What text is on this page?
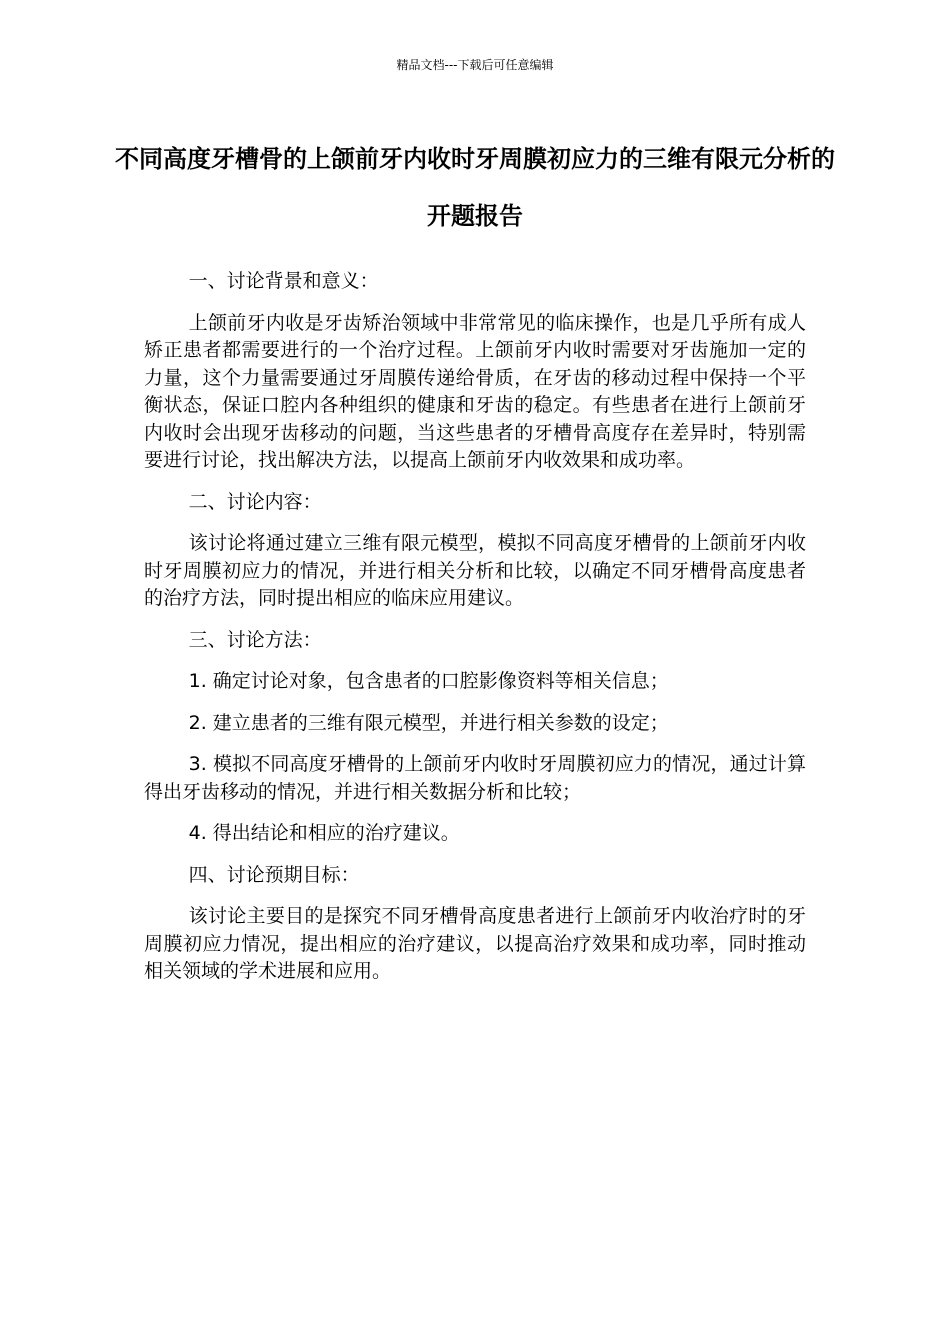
精品文档---下载后可任意编辑
不同高度牙槽骨的上颌前牙内收时牙周膜初应力的三维有限元分析的开题报告

一、讨论背景和意义：

上颌前牙内收是牙齿矫治领域中非常常见的临床操作，也是几乎所有成人矫正患者都需要进行的一个治疗过程。上颌前牙内收时需要对牙齿施加一定的力量，这个力量需要通过牙周膜传递给骨质，在牙齿的移动过程中保持一个平衡状态，保证口腔内各种组织的健康和牙齿的稳定。有些患者在进行上颌前牙内收时会出现牙齿移动的问题，当这些患者的牙槽骨高度存在差异时，特别需要进行讨论，找出解决方法，以提高上颌前牙内收效果和成功率。

二、讨论内容：

该讨论将通过建立三维有限元模型，模拟不同高度牙槽骨的上颌前牙内收时牙周膜初应力的情况，并进行相关分析和比较，以确定不同牙槽骨高度患者的治疗方法，同时提出相应的临床应用建议。

三、讨论方法：

1. 确定讨论对象，包含患者的口腔影像资料等相关信息；

2. 建立患者的三维有限元模型，并进行相关参数的设定；

3. 模拟不同高度牙槽骨的上颌前牙内收时牙周膜初应力的情况，通过计算得出牙齿移动的情况，并进行相关数据分析和比较；

4. 得出结论和相应的治疗建议。

四、讨论预期目标：

该讨论主要目的是探究不同牙槽骨高度患者进行上颌前牙内收治疗时的牙周膜初应力情况，提出相应的治疗建议，以提高治疗效果和成功率，同时推动相关领域的学术进展和应用。
